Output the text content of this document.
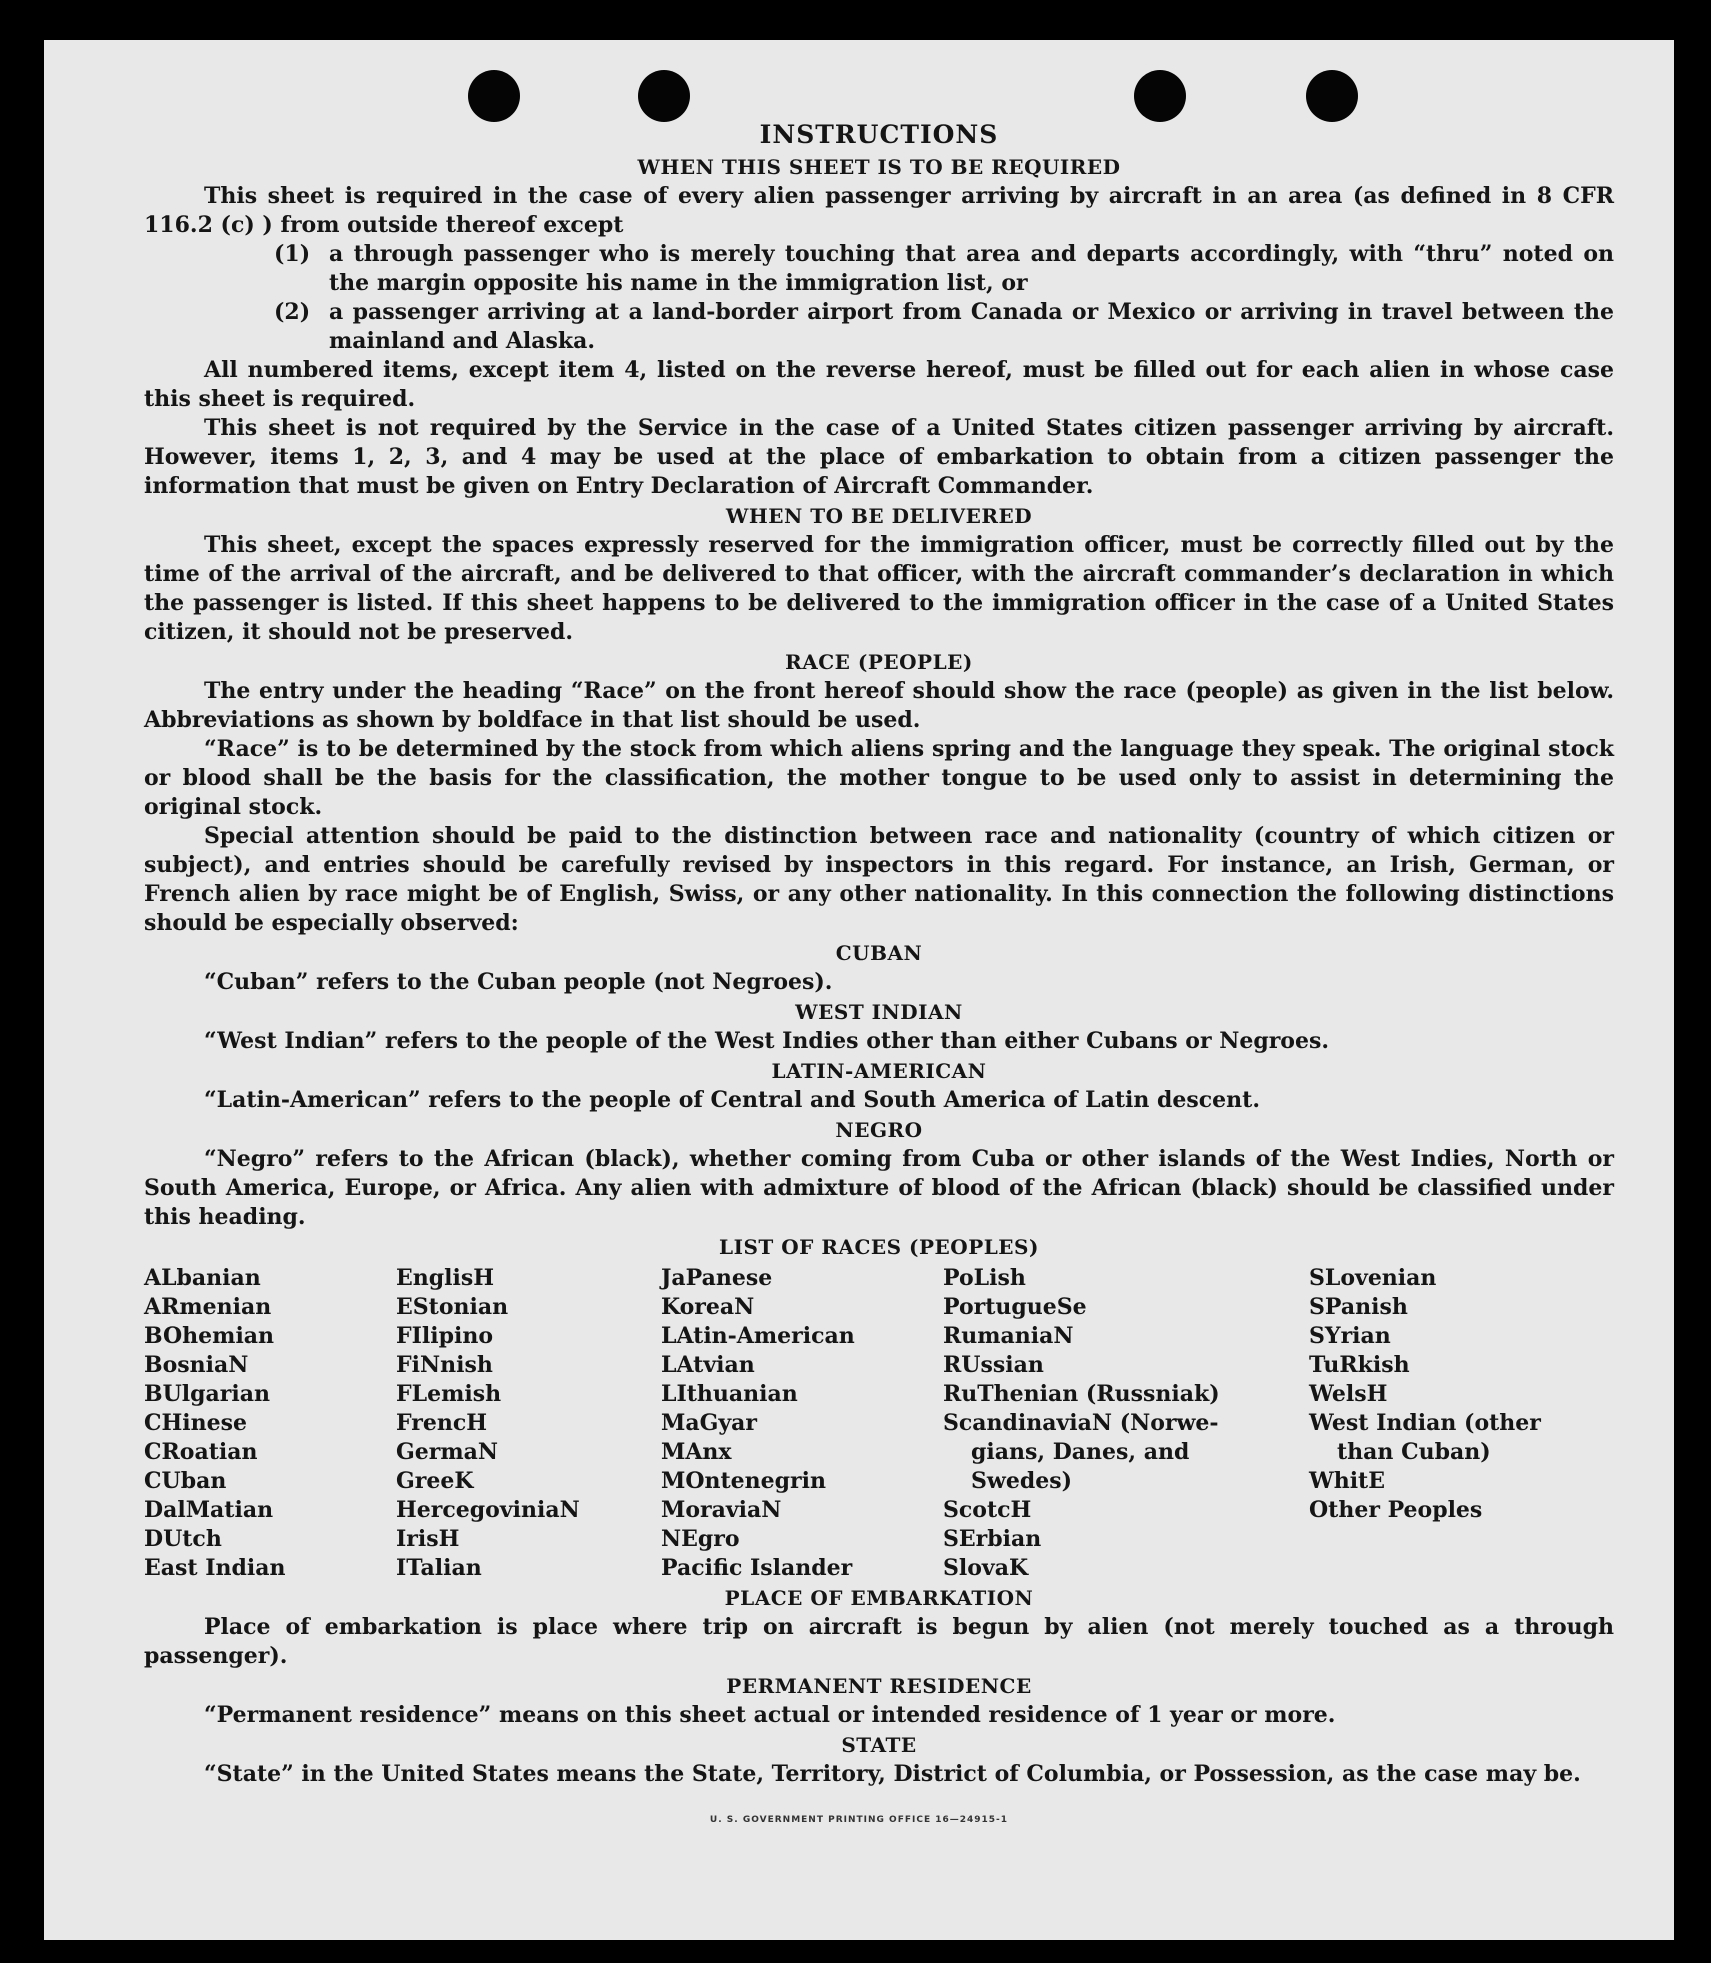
INSTRUCTIONS
WHEN THIS SHEET IS TO BE REQUIRED

This sheet is required in the case of every alien passenger arriving by aircraft in an area (as defined in 8 CFR 116.2 (c) ) from outside thereof except

(1) a through passenger who is merely touching that area and departs accordingly, with “thru” noted on the margin opposite his name in the immigration list, or
(2) a passenger arriving at a land-border airport from Canada or Mexico or arriving in travel between the mainland and Alaska.

All numbered items, except item 4, listed on the reverse hereof, must be filled out for each alien in whose case this sheet is required.

This sheet is not required by the Service in the case of a United States citizen passenger arriving by aircraft. However, items 1, 2, 3, and 4 may be used at the place of embarkation to obtain from a citizen passenger the information that must be given on Entry Declaration of Aircraft Commander.

WHEN TO BE DELIVERED

This sheet, except the spaces expressly reserved for the immigration officer, must be correctly filled out by the time of the arrival of the aircraft, and be delivered to that officer, with the aircraft commander’s declaration in which the passenger is listed. If this sheet happens to be delivered to the immigration officer in the case of a United States citizen, it should not be preserved.

RACE (PEOPLE)

The entry under the heading “Race” on the front hereof should show the race (people) as given in the list below. Abbreviations as shown by boldface in that list should be used.

“Race” is to be determined by the stock from which aliens spring and the language they speak. The original stock or blood shall be the basis for the classification, the mother tongue to be used only to assist in determining the original stock.

Special attention should be paid to the distinction between race and nationality (country of which citizen or subject), and entries should be carefully revised by inspectors in this regard. For instance, an Irish, German, or French alien by race might be of English, Swiss, or any other nationality. In this connection the following distinctions should be especially observed:

CUBAN

“Cuban” refers to the Cuban people (not Negroes).

WEST INDIAN

“West Indian” refers to the people of the West Indies other than either Cubans or Negroes.

LATIN-AMERICAN

“Latin-American” refers to the people of Central and South America of Latin descent.

NEGRO

“Negro” refers to the African (black), whether coming from Cuba or other islands of the West Indies, North or South America, Europe, or Africa. Any alien with admixture of blood of the African (black) should be classified under this heading.

LIST OF RACES (PEOPLES)
ALbanian
ARmenian
BOhemian
BosniaN
BUlgarian
CHinese
CRoatian
CUban
DalMatian
DUtch
East Indian
EnglisH
EStonian
FIlipino
FiNnish
FLemish
FrencH
GermaN
GreeK
HercegoviniaN
IrisH
ITalian
JaPanese
KoreaN
LAtin-American
LAtvian
LIthuanian
MaGyar
MAnx
MOntenegrin
MoraviaN
NEgro
Pacific Islander
PoLish
PortugueSe
RumaniaN
RUssian
RuThenian (Russniak)
ScandinaviaN (Norwe-
gians, Danes, and
Swedes)
ScotcH
SErbian
SlovaK
SLovenian
SPanish
SYrian
TuRkish
WelsH
West Indian (other
than Cuban)
WhitE
Other Peoples
PLACE OF EMBARKATION

Place of embarkation is place where trip on aircraft is begun by alien (not merely touched as a through passenger).

PERMANENT RESIDENCE

“Permanent residence” means on this sheet actual or intended residence of 1 year or more.

STATE

“State” in the United States means the State, Territory, District of Columbia, or Possession, as the case may be.

U. S. GOVERNMENT PRINTING OFFICE 16—24915-1
